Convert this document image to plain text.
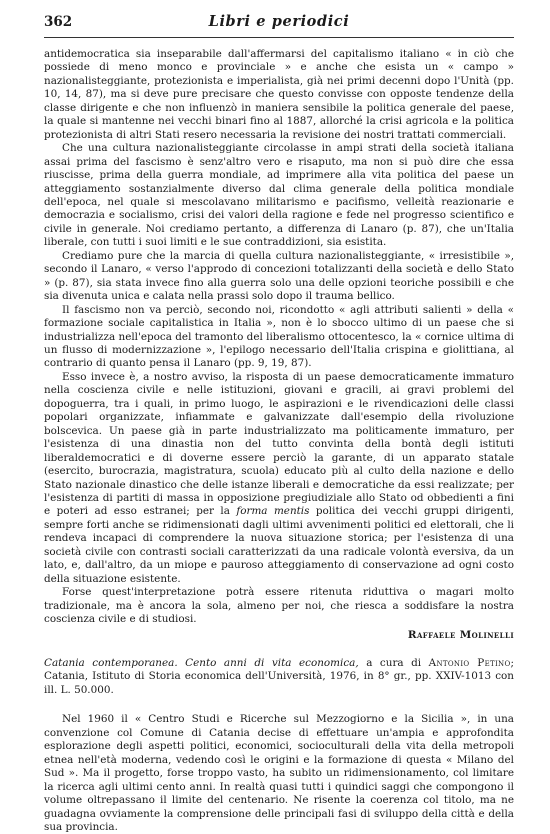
362	Libri e periodici

antidemocratica sia inseparabile dall'affermarsi del capitalismo italiano « in ciò che possiede di meno monco e provinciale » e anche che esista un « campo » nazionalisteggiante, protezionista e imperialista, già nei primi decenni dopo l'Unità (pp. 10, 14, 87), ma si deve pure precisare che questo convisse con opposte tendenze della classe dirigente e che non influenzò in maniera sensibile la politica generale del paese, la quale si mantenne nei vecchi binari fino al 1887, allorché la crisi agricola e la politica protezionista di altri Stati resero necessaria la revisione dei nostri trattati commerciali.

Che una cultura nazionalisteggiante circolasse in ampi strati della società italiana assai prima del fascismo è senz'altro vero e risaputo, ma non si può dire che essa riuscisse, prima della guerra mondiale, ad imprimere alla vita politica del paese un atteggiamento sostanzialmente diverso dal clima generale della politica mondiale dell'epoca, nel quale si mescolavano militarismo e pacifismo, velleità reazionarie e democrazia e socialismo, crisi dei valori della ragione e fede nel progresso scientifico e civile in generale. Noi crediamo pertanto, a differenza di Lanaro (p. 87), che un'Italia liberale, con tutti i suoi limiti e le sue contraddizioni, sia esistita.

Crediamo pure che la marcia di quella cultura nazionalisteggiante, « irresistibile », secondo il Lanaro, « verso l'approdo di concezioni totalizzanti della società e dello Stato » (p. 87), sia stata invece fino alla guerra solo una delle opzioni teoriche possibili e che sia divenuta unica e calata nella prassi solo dopo il trauma bellico.

Il fascismo non va perciò, secondo noi, ricondotto « agli attributi salienti » della « formazione sociale capitalistica in Italia », non è lo sbocco ultimo di un paese che si industrializza nell'epoca del tramonto del liberalismo ottocentesco, la « cornice ultima di un flusso di modernizzazione », l'epilogo necessario dell'Italia crispina e giolittiana, al contrario di quanto pensa il Lanaro (pp. 9, 19, 87).

Esso invece è, a nostro avviso, la risposta di un paese democraticamente immaturo nella coscienza civile e nelle istituzioni, giovani e gracili, ai gravi problemi del dopoguerra, tra i quali, in primo luogo, le aspirazioni e le rivendicazioni delle classi popolari organizzate, infiammate e galvanizzate dall'esempio della rivoluzione bolscevica. Un paese già in parte industrializzato ma politicamente immaturo, per l'esistenza di una dinastia non del tutto convinta della bontà degli istituti liberaldemocratici e di doverne essere perciò la garante, di un apparato statale (esercito, burocrazia, magistratura, scuola) educato più al culto della nazione e dello Stato nazionale dinastico che delle istanze liberali e democratiche da essi realizzate; per l'esistenza di partiti di massa in opposizione pregiudiziale allo Stato od obbedienti a fini e poteri ad esso estranei; per la forma mentis politica dei vecchi gruppi dirigenti, sempre forti anche se ridimensionati dagli ultimi avvenimenti politici ed elettorali, che li rendeva incapaci di comprendere la nuova situazione storica; per l'esistenza di una società civile con contrasti sociali caratterizzati da una radicale volontà eversiva, da un lato, e, dall'altro, da un miope e pauroso atteggiamento di conservazione ad ogni costo della situazione esistente.

Forse quest'interpretazione potrà essere ritenuta riduttiva o magari molto tradizionale, ma è ancora la sola, almeno per noi, che riesca a soddisfare la nostra coscienza civile e di studiosi.

Raffaele Molinelli

Catania contemporanea. Cento anni di vita economica, a cura di Antonio Petino; Catania, Istituto di Storia economica dell'Università, 1976, in 8° gr., pp. XXIV-1013 con ill. L. 50.000.

Nel 1960 il « Centro Studi e Ricerche sul Mezzogiorno e la Sicilia », in una convenzione col Comune di Catania decise di effettuare un'ampia e approfondita esplorazione degli aspetti politici, economici, socioculturali della vita della metropoli etnea nell'età moderna, vedendo così le origini e la formazione di questa « Milano del Sud ». Ma il progetto, forse troppo vasto, ha subito un ridimensionamento, col limitare la ricerca agli ultimi cento anni. In realtà quasi tutti i quindici saggi che compongono il volume oltrepassano il limite del centenario. Ne risente la coerenza col titolo, ma ne guadagna ovviamente la comprensione delle principali fasi di sviluppo della città e della sua provincia.
